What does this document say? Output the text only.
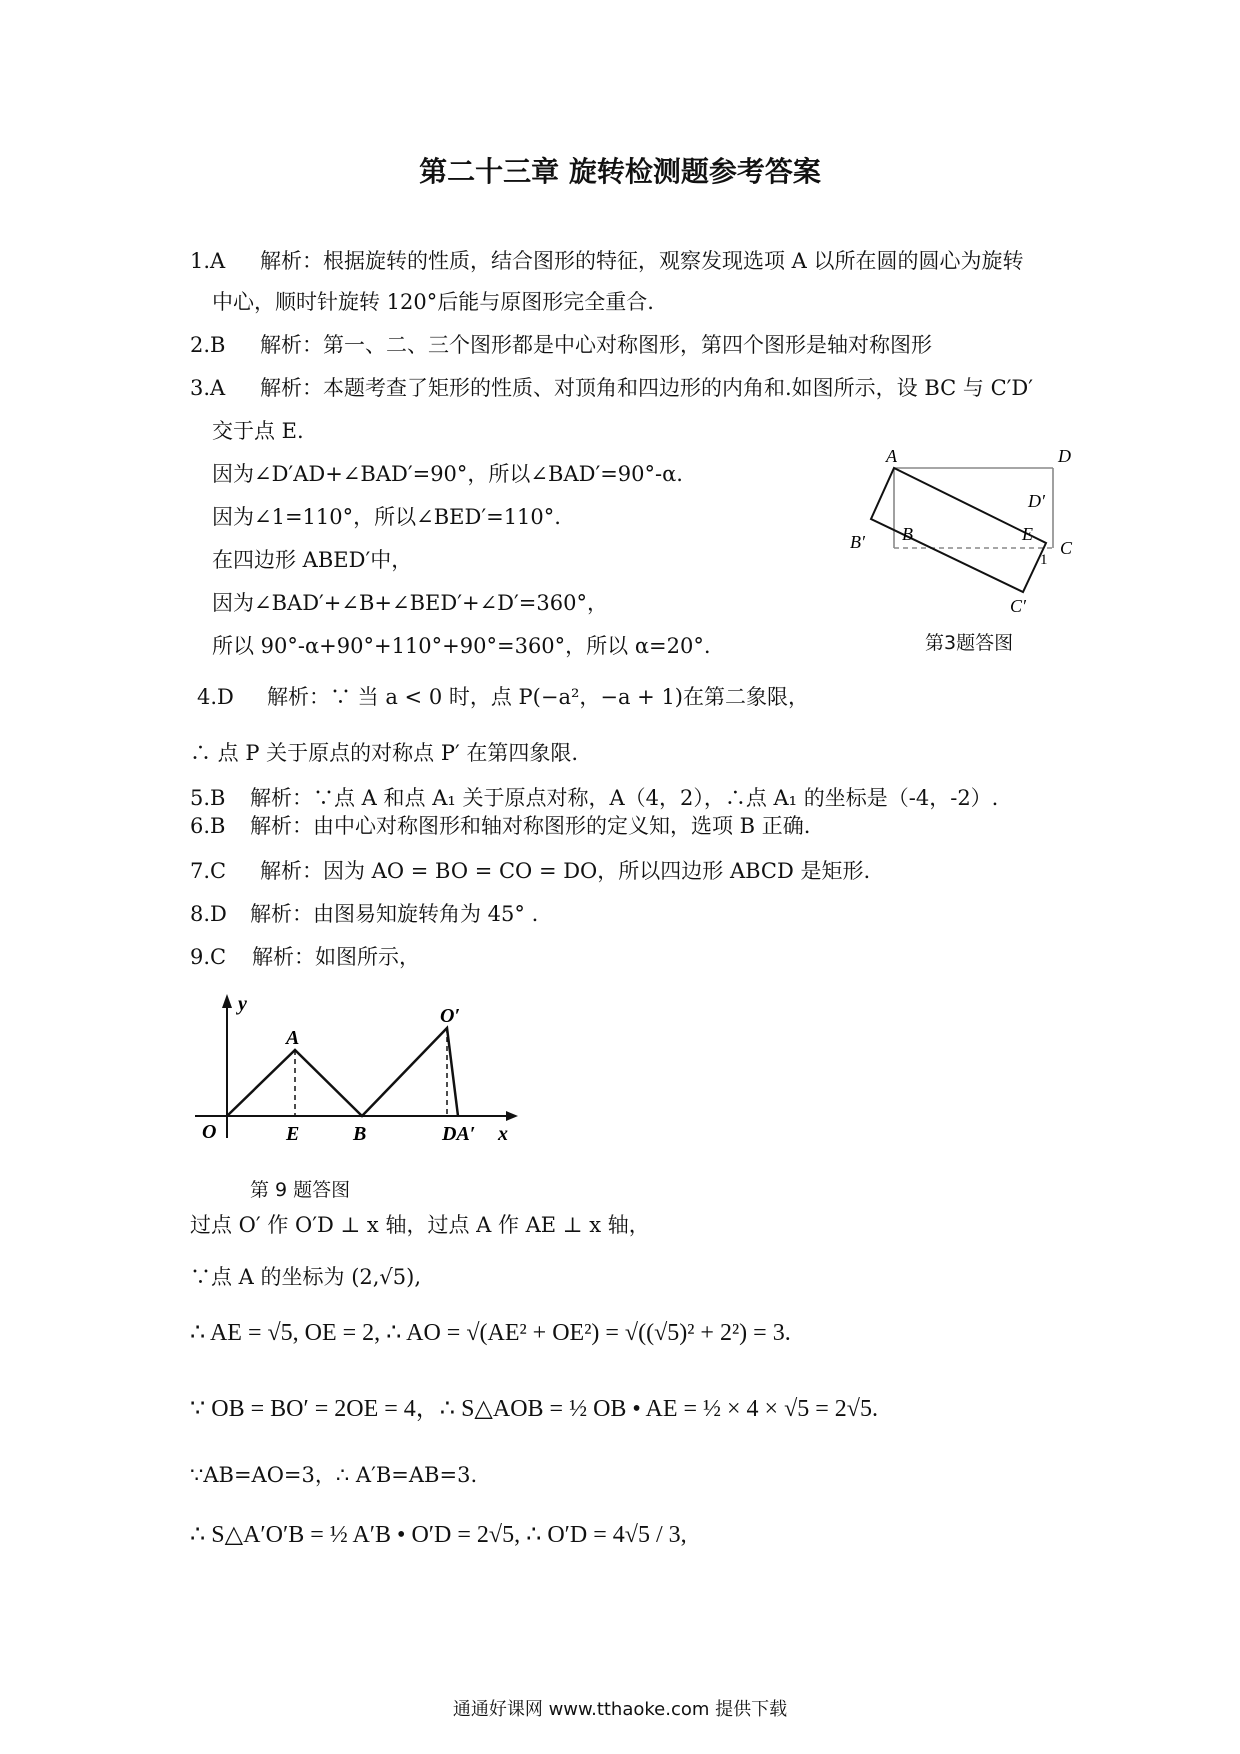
第二十三章 旋转检测题参考答案
1.A 解析：根据旋转的性质，结合图形的特征，观察发现选项 A 以所在圆的圆心为旋转
中心，顺时针旋转 120°后能与原图形完全重合.
2.B 解析：第一、二、三个图形都是中心对称图形，第四个图形是轴对称图形
3.A 解析：本题考查了矩形的性质、对顶角和四边形的内角和.如图所示，设 BC 与 C′D′
交于点 E.
因为∠D′AD+∠BAD′=90°，所以∠BAD′=90°-α.
因为∠1=110°，所以∠BED′=110°.
在四边形 ABED′中，
因为∠BAD′+∠B+∠BED′+∠D′=360°，
所以 90°-α+90°+110°+90°=360°，所以 α=20°.
A	D
D′
B
B′	E
C
C′
1
第3题答图
4.D 解析：∵ 当 a < 0 时，点 P(−a²，−a + 1)在第二象限，
∴ 点 P 关于原点的对称点 P′ 在第四象限.
5.B 解析：∵点 A 和点 A₁ 关于原点对称，A（4，2），∴点 A₁ 的坐标是（-4，-2）.
6.B 解析：由中心对称图形和轴对称图形的定义知，选项 B 正确.
7.C 解析：因为 AO = BO = CO = DO，所以四边形 ABCD 是矩形.
8.D 解析：由图易知旋转角为 45° .
9.C 解析：如图所示，
y
x
O
A
O′
E	B	DA′
第 9 题答图
过点 O′ 作 O′D ⊥ x 轴，过点 A 作 AE ⊥ x 轴，
∵点 A 的坐标为 (2,√5),
∴ AE = √5, OE = 2, ∴ AO = √(AE² + OE²) = √((√5)² + 2²) = 3.
∵ OB = BO′ = 2OE = 4，∴ S△AOB = ½ OB • AE = ½ × 4 × √5 = 2√5.
∵AB=AO=3，∴ A′B=AB=3.
∴ S△A′O′B = ½ A′B • O′D = 2√5, ∴ O′D = 4√5 / 3,
通通好课网 www.tthaoke.com 提供下载
